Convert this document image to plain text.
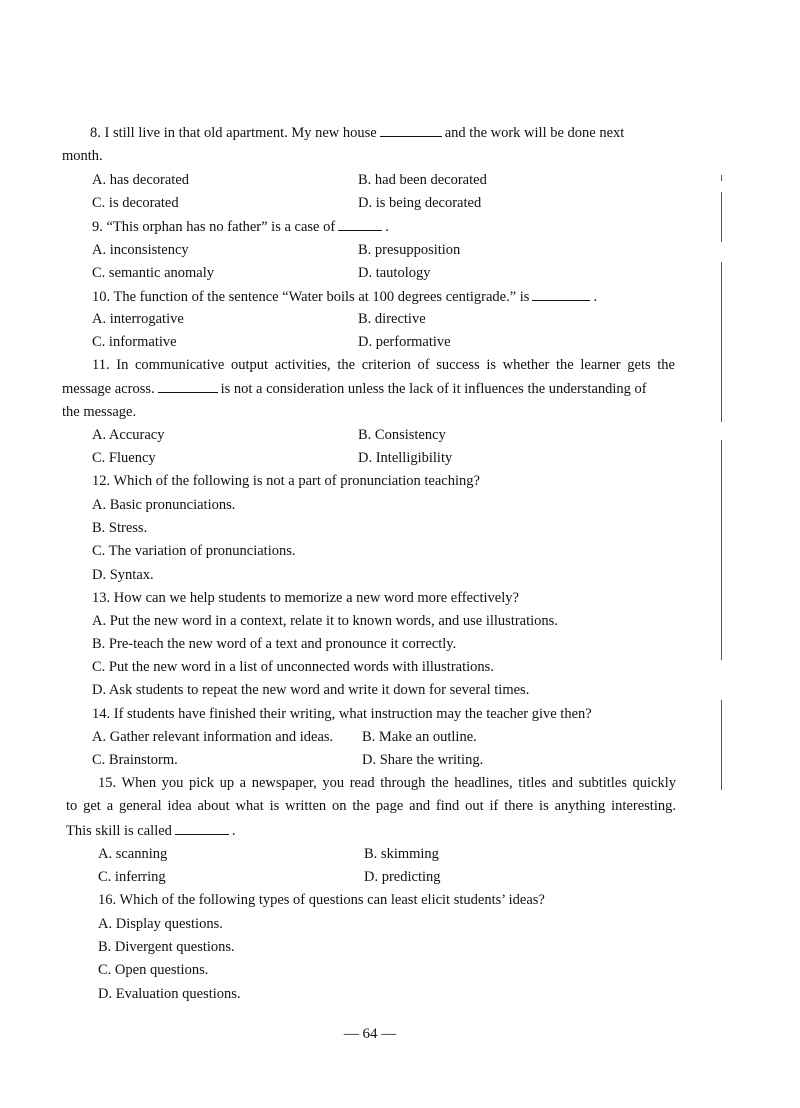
8. I still live in that old apartment. My new house	and the work will be done next
month.
A. has decorated	B. had been decorated
C. is decorated	D. is being decorated
9. “This orphan has no father” is a case of	.
A. inconsistency	B. presupposition
C. semantic anomaly	D. tautology
10. The function of the sentence “Water boils at 100 degrees centigrade.” is	.
A. interrogative	B. directive
C. informative	D. performative
11. In communicative output activities, the criterion of success is whether the learner gets the
message across.	is not a consideration unless the lack of it influences the understanding of
the message.
A. Accuracy	B. Consistency
C. Fluency	D. Intelligibility
12. Which of the following is not a part of pronunciation teaching?
A. Basic pronunciations.
B. Stress.
C. The variation of pronunciations.
D. Syntax.
13. How can we help students to memorize a new word more effectively?
A. Put the new word in a context, relate it to known words, and use illustrations.
B. Pre-teach the new word of a text and pronounce it correctly.
C. Put the new word in a list of unconnected words with illustrations.
D. Ask students to repeat the new word and write it down for several times.
14. If students have finished their writing, what instruction may the teacher give then?
A. Gather relevant information and ideas. B. Make an outline.
C. Brainstorm.	D. Share the writing.
15. When you pick up a newspaper, you read through the headlines, titles and subtitles quickly
to get a general idea about what is written on the page and find out if there is anything interesting.
This skill is called	.
A. scanning	B. skimming
C. inferring	D. predicting
16. Which of the following types of questions can least elicit students’ ideas?
A. Display questions.
B. Divergent questions.
C. Open questions.
D. Evaluation questions.
— 64 —
